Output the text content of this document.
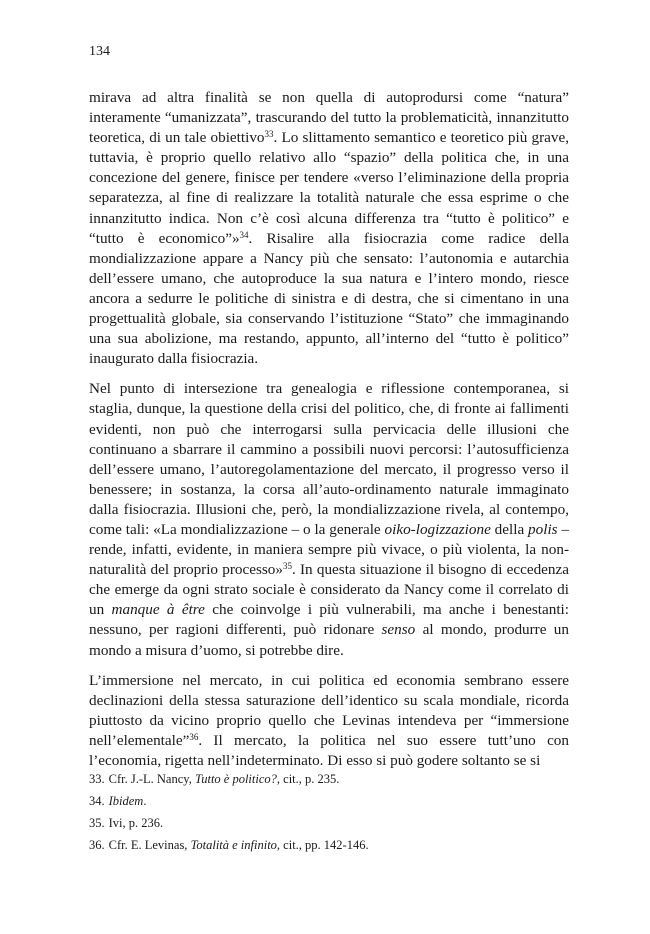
134

mirava ad altra finalità se non quella di autoprodursi come “natura” interamente “umanizzata”, trascurando del tutto la problematicità, innanzitutto teoretica, di un tale obiettivo$^{33}$. Lo slittamento semantico e teoretico più grave, tuttavia, è proprio quello relativo allo “spazio” della politica che, in una concezione del genere, finisce per tendere «verso l’eliminazione della propria separatezza, al fine di realizzare la totalità naturale che essa esprime o che innanzitutto indica. Non c’è così alcuna differenza tra “tutto è politico” e “tutto è economico”»$^{34}$. Risalire alla fisiocrazia come radice della mondializzazione appare a Nancy più che sensato: l’autonomia e autarchia dell’essere umano, che autoproduce la sua natura e l’intero mondo, riesce ancora a sedurre le politiche di sinistra e di destra, che si cimentano in una progettualità globale, sia conservando l’istituzione “Stato” che immaginando una sua abolizione, ma restando, appunto, all’interno del “tutto è politico” inaugurato dalla fisiocrazia.

Nel punto di intersezione tra genealogia e riflessione contemporanea, si staglia, dunque, la questione della crisi del politico, che, di fronte ai fallimenti evidenti, non può che interrogarsi sulla pervicacia delle illusioni che continuano a sbarrare il cammino a possibili nuovi percorsi: l’autosufficienza dell’essere umano, l’autoregolamentazione del mercato, il progresso verso il benessere; in sostanza, la corsa all’auto-ordinamento naturale immaginato dalla fisiocrazia. Illusioni che, però, la mondializzazione rivela, al contempo, come tali: «La mondializzazione – o la generale oiko-logizzazione della polis – rende, infatti, evidente, in maniera sempre più vivace, o più violenta, la non-naturalità del proprio processo»$^{35}$. In questa situazione il bisogno di eccedenza che emerge da ogni strato sociale è considerato da Nancy come il correlato di un manque à être che coinvolge i più vulnerabili, ma anche i benestanti: nessuno, per ragioni differenti, può ridonare senso al mondo, produrre un mondo a misura d’uomo, si potrebbe dire.

L’immersione nel mercato, in cui politica ed economia sembrano essere declinazioni della stessa saturazione dell’identico su scala mondiale, ricorda piuttosto da vicino proprio quello che Levinas intendeva per “immersione nell’elementale”$^{36}$. Il mercato, la politica nel suo essere tutt’uno con l’economia, rigetta nell’indeterminato. Di esso si può godere soltanto se si

33. Cfr. J.-L. Nancy, Tutto è politico?, cit., p. 235.
34. Ibidem.
35. Ivi, p. 236.
36. Cfr. E. Levinas, Totalità e infinito, cit., pp. 142-146.
